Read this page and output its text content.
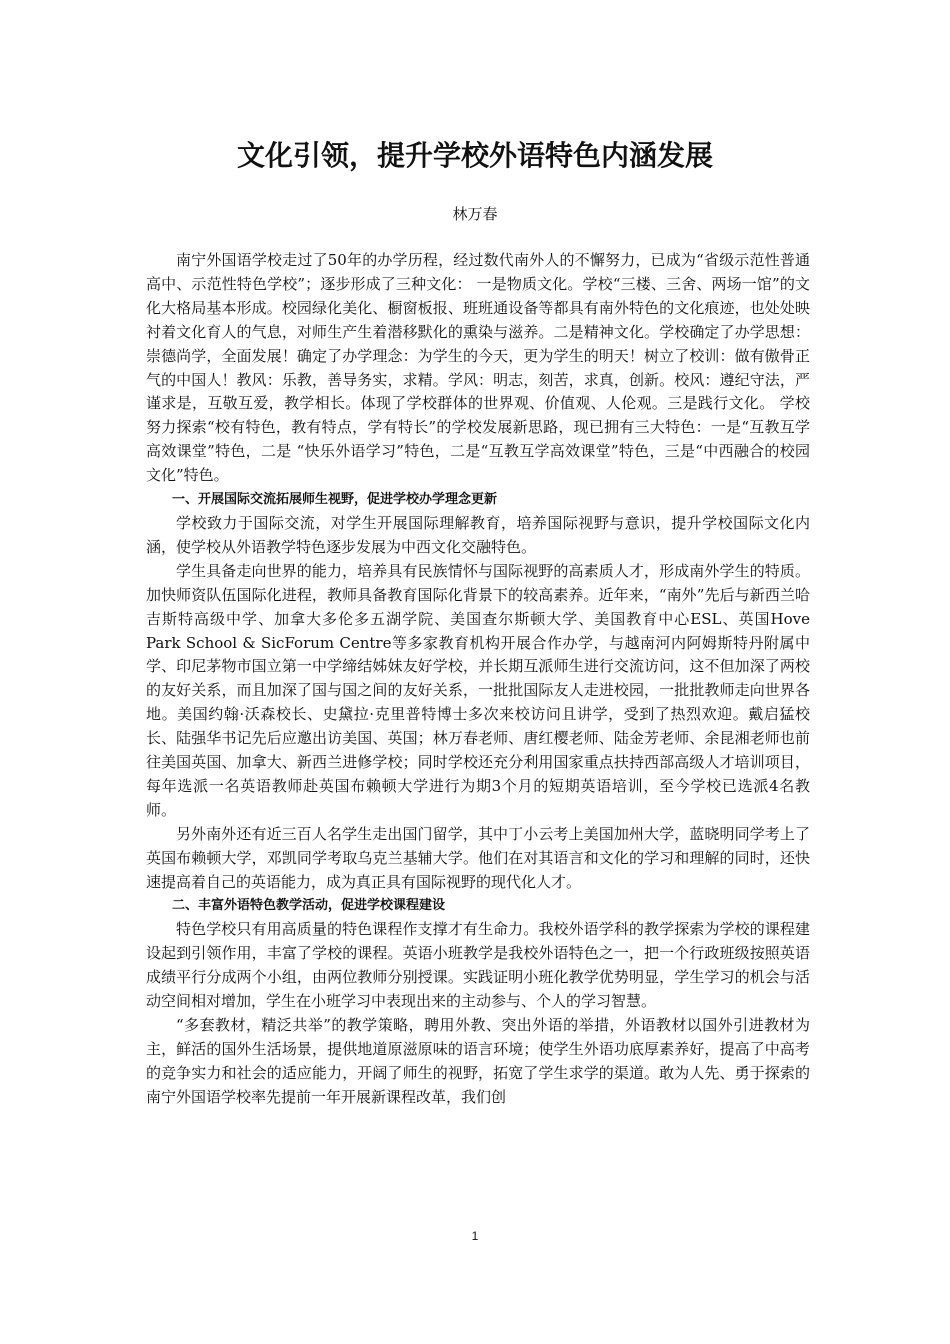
文化引领，提升学校外语特色内涵发展
林万春

南宁外国语学校走过了50年的办学历程，经过数代南外人的不懈努力，已成为“省级示范性普通高中、示范性特色学校”；逐步形成了三种文化： 一是物质文化。学校“三楼、三舍、两场一馆”的文化大格局基本形成。校园绿化美化、橱窗板报、班班通设备等都具有南外特色的文化痕迹，也处处映衬着文化育人的气息，对师生产生着潜移默化的熏染与滋养。二是精神文化。学校确定了办学思想：崇德尚学，全面发展！确定了办学理念：为学生的今天，更为学生的明天！树立了校训：做有傲骨正气的中国人！教风：乐教，善导务实，求精。学风：明志，刻苦，求真，创新。校风：遵纪守法，严谨求是，互敬互爱，教学相长。体现了学校群体的世界观、价值观、人伦观。三是践行文化。 学校努力探索“校有特色，教有特点，学有特长”的学校发展新思路，现已拥有三大特色：一是“互教互学高效课堂”特色，二是 “快乐外语学习”特色，二是“互教互学高效课堂”特色，三是“中西融合的校园文化”特色。

一、开展国际交流拓展师生视野，促进学校办学理念更新

学校致力于国际交流，对学生开展国际理解教育，培养国际视野与意识，提升学校国际文化内涵，使学校从外语教学特色逐步发展为中西文化交融特色。

学生具备走向世界的能力，培养具有民族情怀与国际视野的高素质人才，形成南外学生的特质。加快师资队伍国际化进程，教师具备教育国际化背景下的较高素养。近年来，“南外”先后与新西兰哈吉斯特高级中学、加拿大多伦多五湖学院、美国查尔斯顿大学、美国教育中心ESL、英国Hove Park School & SicForum Centre等多家教育机构开展合作办学，与越南河内阿姆斯特丹附属中学、印尼茅物市国立第一中学缔结姊妹友好学校，并长期互派师生进行交流访问，这不但加深了两校的友好关系，而且加深了国与国之间的友好关系，一批批国际友人走进校园，一批批教师走向世界各地。美国约翰·沃森校长、史黛拉·克里普特博士多次来校访问且讲学，受到了热烈欢迎。戴启猛校长、陆强华书记先后应邀出访美国、英国；林万春老师、唐红樱老师、陆金芳老师、余昆湘老师也前往美国英国、加拿大、新西兰进修学校；同时学校还充分利用国家重点扶持西部高级人才培训项目，每年选派一名英语教师赴英国布赖顿大学进行为期3个月的短期英语培训，至今学校已选派4名教师。

另外南外还有近三百人名学生走出国门留学，其中丁小云考上美国加州大学，蓝晓明同学考上了英国布赖顿大学，邓凯同学考取乌克兰基辅大学。他们在对其语言和文化的学习和理解的同时，还快速提高着自己的英语能力，成为真正具有国际视野的现代化人才。

二、丰富外语特色教学活动，促进学校课程建设

特色学校只有用高质量的特色课程作支撑才有生命力。我校外语学科的教学探索为学校的课程建设起到引领作用，丰富了学校的课程。英语小班教学是我校外语特色之一，把一个行政班级按照英语成绩平行分成两个小组，由两位教师分别授课。实践证明小班化教学优势明显，学生学习的机会与活动空间相对增加，学生在小班学习中表现出来的主动参与、个人的学习智慧。

“多套教材，精泛共举”的教学策略，聘用外教、突出外语的举措，外语教材以国外引进教材为主，鲜活的国外生活场景，提供地道原滋原味的语言环境；使学生外语功底厚素养好，提高了中高考的竞争实力和社会的适应能力，开阔了师生的视野，拓宽了学生求学的渠道。敢为人先、勇于探索的南宁外国语学校率先提前一年开展新课程改革，我们创

1
